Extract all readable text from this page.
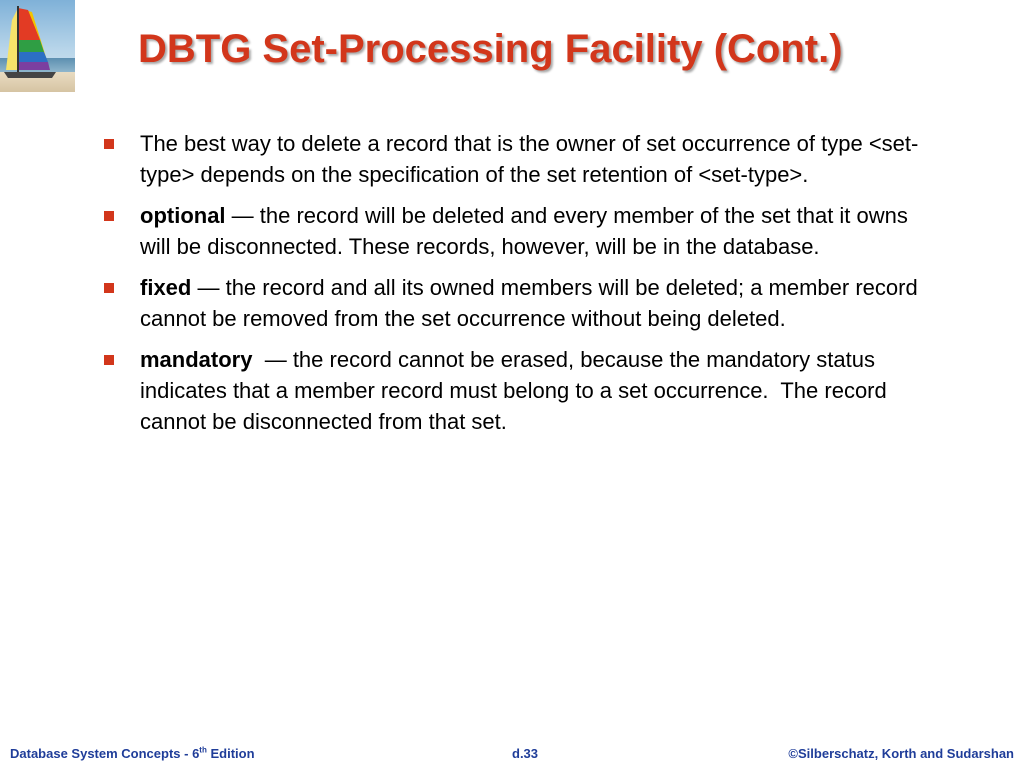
DBTG Set-Processing Facility (Cont.)
The best way to delete a record that is the owner of set occurrence of type <set-type> depends on the specification of the set retention of <set-type>.
optional — the record will be deleted and every member of the set that it owns will be disconnected. These records, however, will be in the database.
fixed — the record and all its owned members will be deleted; a member record cannot be removed from the set occurrence without being deleted.
mandatory  — the record cannot be erased, because the mandatory status indicates that a member record must belong to a set occurrence.  The record cannot be disconnected from that set.
Database System Concepts - 6th Edition	d.33	©Silberschatz, Korth and Sudarshan
